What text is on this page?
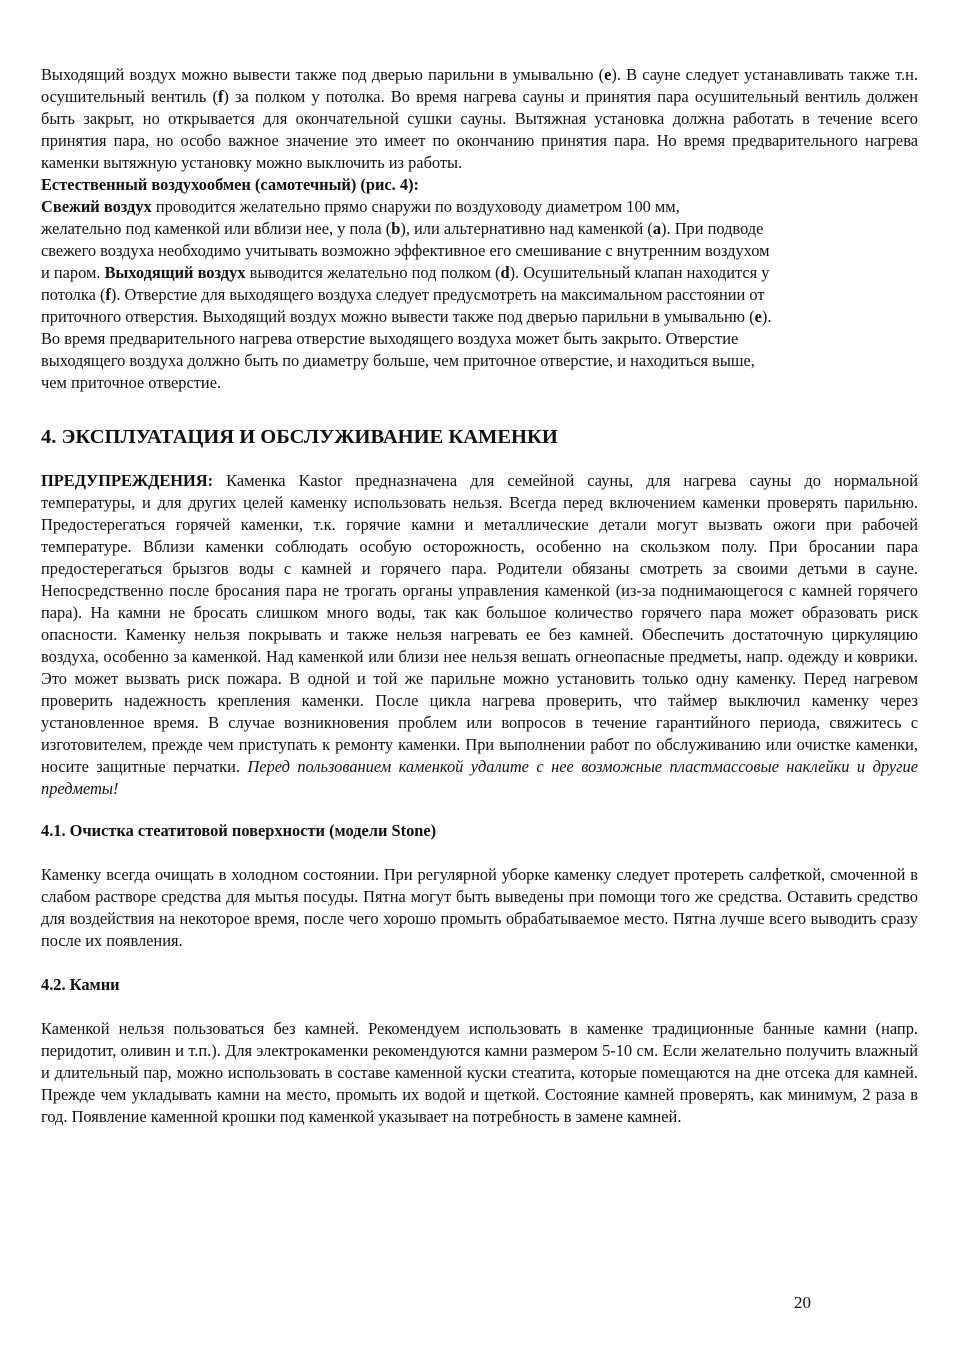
Выходящий воздух можно вывести также под дверью парильни в умывальню (e). В сауне следует устанавливать также т.н. осушительный вентиль (f) за полком у потолка. Во время нагрева сауны и принятия пара осушительный вентиль должен быть закрыт, но открывается для окончательной сушки сауны. Вытяжная установка должна работать в течение всего принятия пара, но особо важное значение это имеет по окончанию принятия пара. Но время предварительного нагрева каменки вытяжную установку можно выключить из работы.

Естественный воздухообмен (самотечный) (рис. 4):

Свежий воздух проводится желательно прямо снаружи по воздуховоду диаметром 100 мм,
желательно под каменкой или вблизи нее, у пола (b), или альтернативно над каменкой (a). При подводе
свежего воздуха необходимо учитывать возможно эффективное его смешивание с внутренним воздухом
и паром. Выходящий воздух выводится желательно под полком (d). Осушительный клапан находится у
потолка (f). Отверстие для выходящего воздуха следует предусмотреть на максимальном расстоянии от
приточного отверстия. Выходящий воздух можно вывести также под дверью парильни в умывальню (e).
Во время предварительного нагрева отверстие выходящего воздуха может быть закрыто. Отверстие
выходящего воздуха должно быть по диаметру больше, чем приточное отверстие, и находиться выше,
чем приточное отверстие.
4. ЭКСПЛУАТАЦИЯ И ОБСЛУЖИВАНИЕ КАМЕНКИ

ПРЕДУПРЕЖДЕНИЯ: Каменка Kastor предназначена для семейной сауны, для нагрева сауны до нормальной температуры, и для других целей каменку использовать нельзя. Всегда перед включением каменки проверять парильню. Предостерегаться горячей каменки, т.к. горячие камни и металлические детали могут вызвать ожоги при рабочей температуре. Вблизи каменки соблюдать особую осторожность, особенно на скользком полу. При бросании пара предостерегаться брызгов воды с камней и горячего пара. Родители обязаны смотреть за своими детьми в сауне. Непосредственно после бросания пара не трогать органы управления каменкой (из-за поднимающегося с камней горячего пара). На камни не бросать слишком много воды, так как большое количество горячего пара может образовать риск опасности. Каменку нельзя покрывать и также нельзя нагревать ее без камней. Обеспечить достаточную циркуляцию воздуха, особенно за каменкой. Над каменкой или близи нее нельзя вешать огнеопасные предметы, напр. одежду и коврики. Это может вызвать риск пожара. В одной и той же парильне можно установить только одну каменку. Перед нагревом проверить надежность крепления каменки. После цикла нагрева проверить, что таймер выключил каменку через установленное время. В случае возникновения проблем или вопросов в течение гарантийного периода, свяжитесь с изготовителем, прежде чем приступать к ремонту каменки. При выполнении работ по обслуживанию или очистке каменки, носите защитные перчатки. Перед пользованием каменкой удалите с нее возможные пластмассовые наклейки и другие предметы!

4.1. Очистка стеатитовой поверхности (модели Stone)

Каменку всегда очищать в холодном состоянии. При регулярной уборке каменку следует протереть салфеткой, смоченной в слабом растворе средства для мытья посуды. Пятна могут быть выведены при помощи того же средства. Оставить средство для воздействия на некоторое время, после чего хорошо промыть обрабатываемое место. Пятна лучше всего выводить сразу после их появления.

4.2. Камни

Каменкой нельзя пользоваться без камней. Рекомендуем использовать в каменке традиционные банные камни (напр. перидотит, оливин и т.п.). Для электрокаменки рекомендуются камни размером 5-10 см. Если желательно получить влажный и длительный пар, можно использовать в составе каменной куски стеатита, которые помещаются на дне отсека для камней. Прежде чем укладывать камни на место, промыть их водой и щеткой. Состояние камней проверять, как минимум, 2 раза в год. Появление каменной крошки под каменкой указывает на потребность в замене камней.

20
